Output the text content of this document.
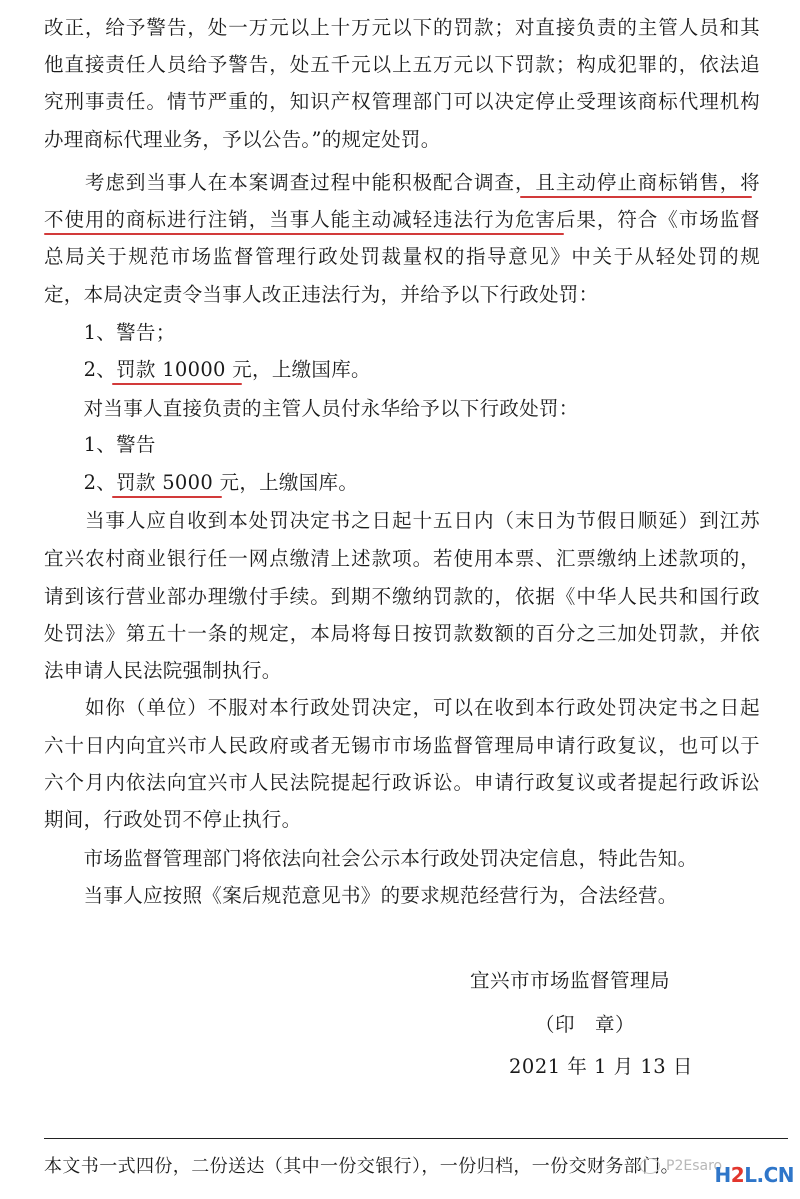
改正，给予警告，处一万元以上十万元以下的罚款；对直接负责的主管人员和其
他直接责任人员给予警告，处五千元以上五万元以下罚款；构成犯罪的，依法追
究刑事责任。情节严重的，知识产权管理部门可以决定停止受理该商标代理机构
办理商标代理业务，予以公告。”的规定处罚。
　　考虑到当事人在本案调查过程中能积极配合调查，且主动停止商标销售，将
不使用的商标进行注销，当事人能主动减轻违法行为危害后果，符合《市场监督
总局关于规范市场监督管理行政处罚裁量权的指导意见》中关于从轻处罚的规
定，本局决定责令当事人改正违法行为，并给予以下行政处罚：
　　1、警告；
　　2、罚款 10000 元，上缴国库。
　　对当事人直接负责的主管人员付永华给予以下行政处罚：
　　1、警告
　　2、罚款 5000 元，上缴国库。
　　当事人应自收到本处罚决定书之日起十五日内（末日为节假日顺延）到江苏
宜兴农村商业银行任一网点缴清上述款项。若使用本票、汇票缴纳上述款项的，
请到该行营业部办理缴付手续。到期不缴纳罚款的，依据《中华人民共和国行政
处罚法》第五十一条的规定，本局将每日按罚款数额的百分之三加处罚款，并依
法申请人民法院强制执行。
　　如你（单位）不服对本行政处罚决定，可以在收到本行政处罚决定书之日起
六十日内向宜兴市人民政府或者无锡市市场监督管理局申请行政复议，也可以于
六个月内依法向宜兴市人民法院提起行政诉讼。申请行政复议或者提起行政诉讼
期间，行政处罚不停止执行。
　　市场监督管理部门将依法向社会公示本行政处罚决定信息，特此告知。
　　当事人应按照《案后规范意见书》的要求规范经营行为，合法经营。
宜兴市市场监督管理局
（印　章）
2021 年 1 月 13 日
本文书一式四份，二份送达（其中一份交银行），一份归档，一份交财务部门。
P2Esaro
H2L.CN
